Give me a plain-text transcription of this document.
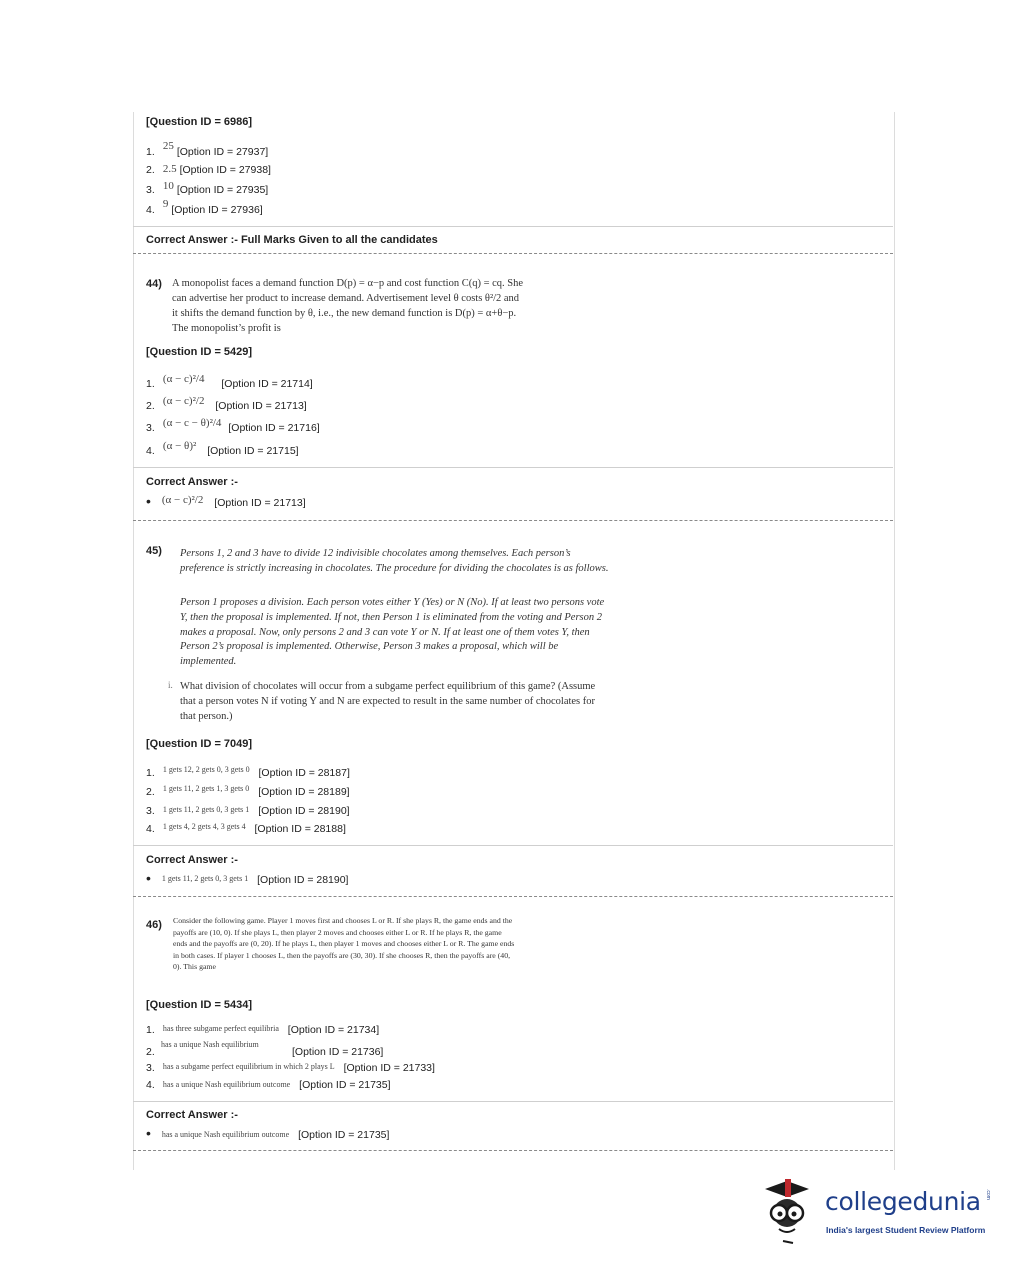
[Question ID = 6986]
1. 25 [Option ID = 27937]
2. 2.5 [Option ID = 27938]
3. 10 [Option ID = 27935]
4. 9 [Option ID = 27936]
Correct Answer :- Full Marks Given to all the candidates
44) A monopolist faces a demand function D(p) = α−p and cost function C(q) = cq. She
can advertise her product to increase demand. Advertisement level θ costs θ²/2 and
it shifts the demand function by θ, i.e., the new demand function is D(p) = α+θ−p.
The monopolist’s profit is
[Question ID = 5429]
1. (α − c)²/4 [Option ID = 21714]
2. (α − c)²/2 [Option ID = 21713]
3. (α − c − θ)²/4 [Option ID = 21716]
4. (α − θ)² [Option ID = 21715]
Correct Answer :-
• (α − c)²/2 [Option ID = 21713]
45) Persons 1, 2 and 3 have to divide 12 indivisible chocolates among themselves. Each person’s preference is strictly increasing in chocolates. The procedure for dividing the chocolates is as follows.
Person 1 proposes a division. Each person votes either Y (Yes) or N (No). If at least two persons vote Y, then the proposal is implemented. If not, then Person 1 is eliminated from the voting and Person 2 makes a proposal. Now, only persons 2 and 3 can vote Y or N. If at least one of them votes Y, then Person 2’s proposal is implemented. Otherwise, Person 3 makes a proposal, which will be implemented.
i. What division of chocolates will occur from a subgame perfect equilibrium of this game? (Assume that a person votes N if voting Y and N are expected to result in the same number of chocolates for that person.)
[Question ID = 7049]
1. $^{1 gets 12, 2 gets 0, 3 gets 0}$ [Option ID = 28187]
2. $^{1 gets 11, 2 gets 1, 3 gets 0}$ [Option ID = 28189]
3. 1 gets 11, 2 gets 0, 3 gets 1 [Option ID = 28190]
4. $^{1 gets 4, 2 gets 4, 3 gets 4}$ [Option ID = 28188]
Correct Answer :-
• 1 gets 11, 2 gets 0, 3 gets 1 [Option ID = 28190]
46) Consider the following game. Player 1 moves first and chooses L or R. If she plays R, the game ends and the payoffs are (10, 0). If she plays L, then player 2 moves and chooses either L or R. If he plays R, the game ends and the payoffs are (0, 20). If he plays L, then player 1 moves and chooses either L or R. The game ends in both cases. If player 1 chooses L, then the payoffs are (30, 30). If she chooses R, then the payoffs are (40, 0). This game
[Question ID = 5434]
1. has three subgame perfect equilibria [Option ID = 21734]
2.
has a unique Nash equilibrium
[Option ID = 21736]
3. has a subgame perfect equilibrium in which 2 plays L [Option ID = 21733]
4. has a unique Nash equilibrium outcome [Option ID = 21735]
Correct Answer :-
• has a unique Nash equilibrium outcome [Option ID = 21735]
collegedunia .com
India's largest Student Review Platform
